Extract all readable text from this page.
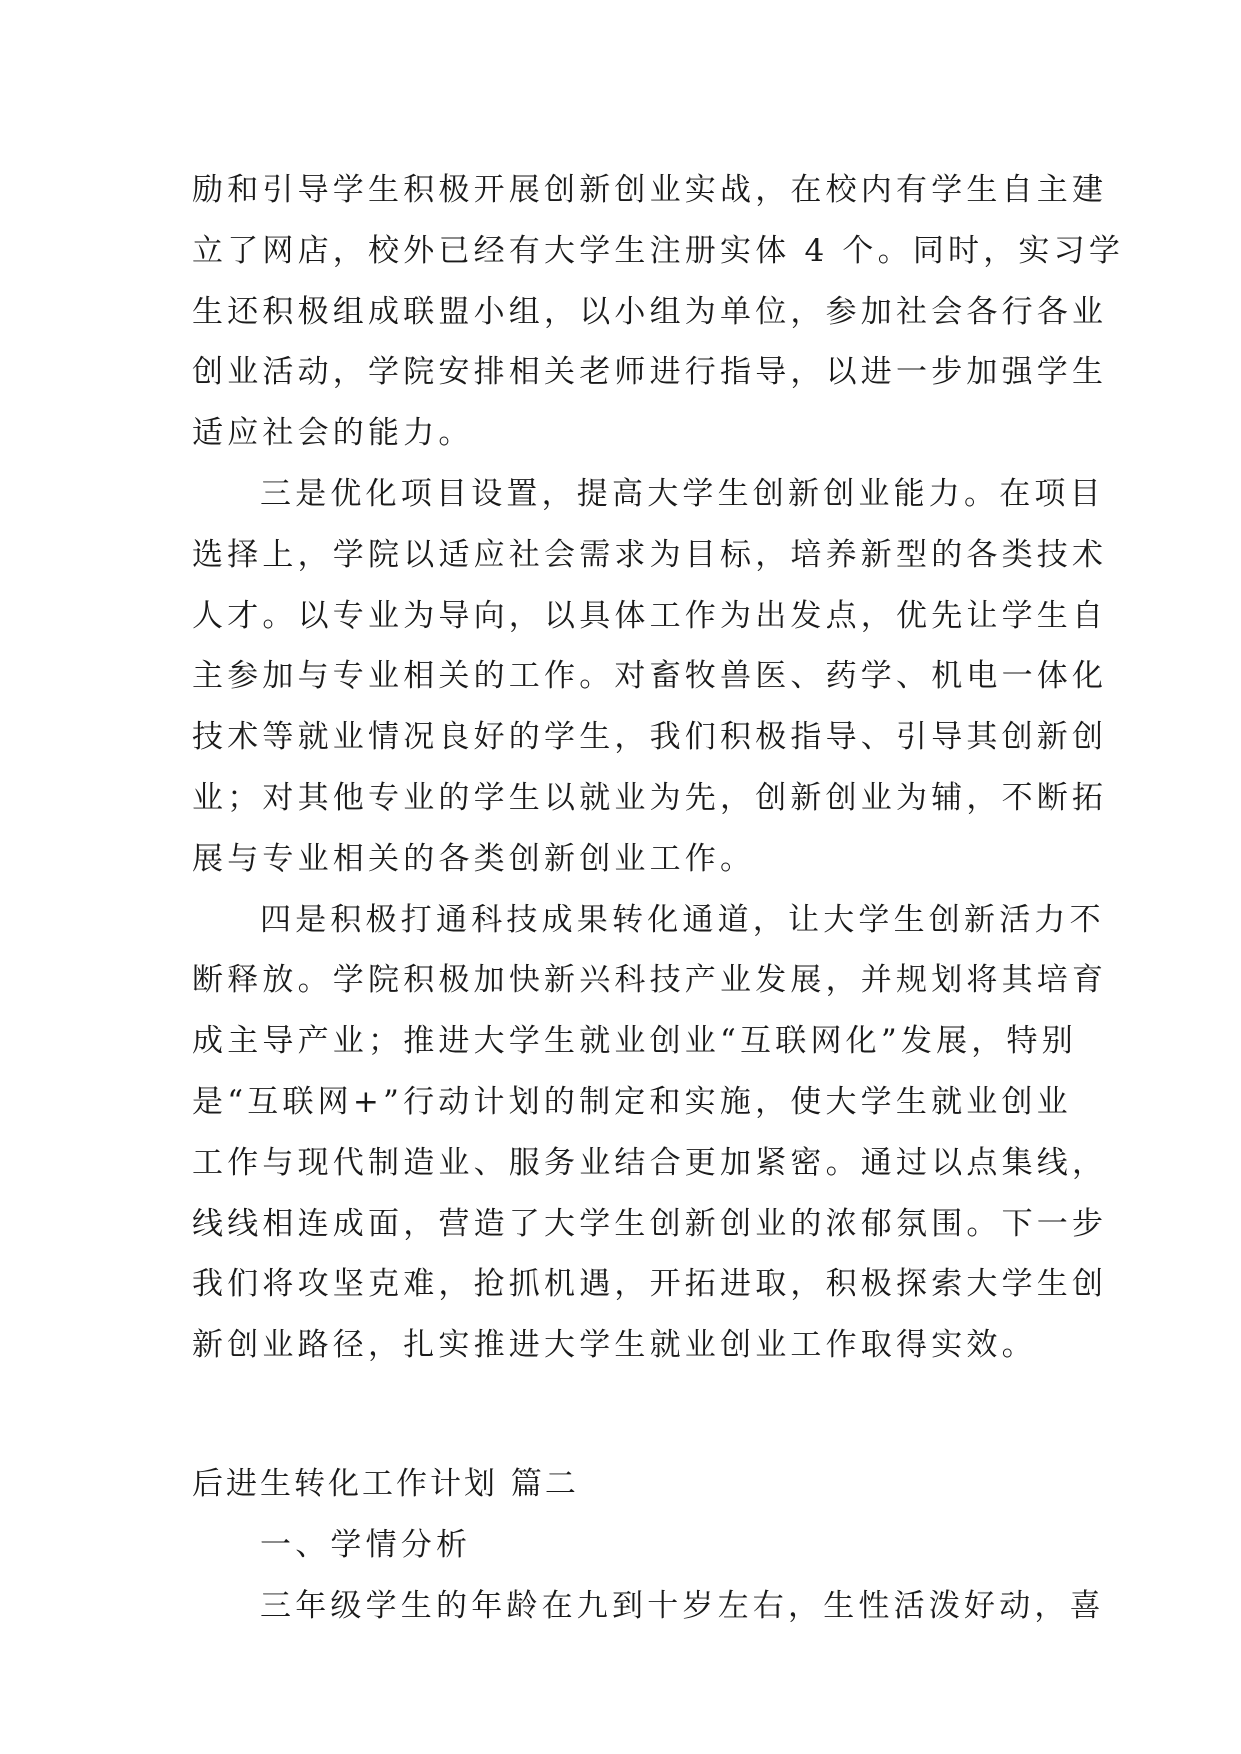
励和引导学生积极开展创新创业实战，在校内有学生自主建
立了网店，校外已经有大学生注册实体 4 个。同时，实习学
生还积极组成联盟小组，以小组为单位，参加社会各行各业
创业活动，学院安排相关老师进行指导，以进一步加强学生
适应社会的能力。
三是优化项目设置，提高大学生创新创业能力。在项目
选择上，学院以适应社会需求为目标，培养新型的各类技术
人才。以专业为导向，以具体工作为出发点，优先让学生自
主参加与专业相关的工作。对畜牧兽医、药学、机电一体化
技术等就业情况良好的学生，我们积极指导、引导其创新创
业；对其他专业的学生以就业为先，创新创业为辅，不断拓
展与专业相关的各类创新创业工作。
四是积极打通科技成果转化通道，让大学生创新活力不
断释放。学院积极加快新兴科技产业发展，并规划将其培育
成主导产业；推进大学生就业创业“互联网化”发展，特别
是“互联网+”行动计划的制定和实施，使大学生就业创业
工作与现代制造业、服务业结合更加紧密。通过以点集线，
线线相连成面，营造了大学生创新创业的浓郁氛围。下一步
我们将攻坚克难，抢抓机遇，开拓进取，积极探索大学生创
新创业路径，扎实推进大学生就业创业工作取得实效。
后进生转化工作计划 篇二
一、学情分析
三年级学生的年龄在九到十岁左右，生性活泼好动，喜
